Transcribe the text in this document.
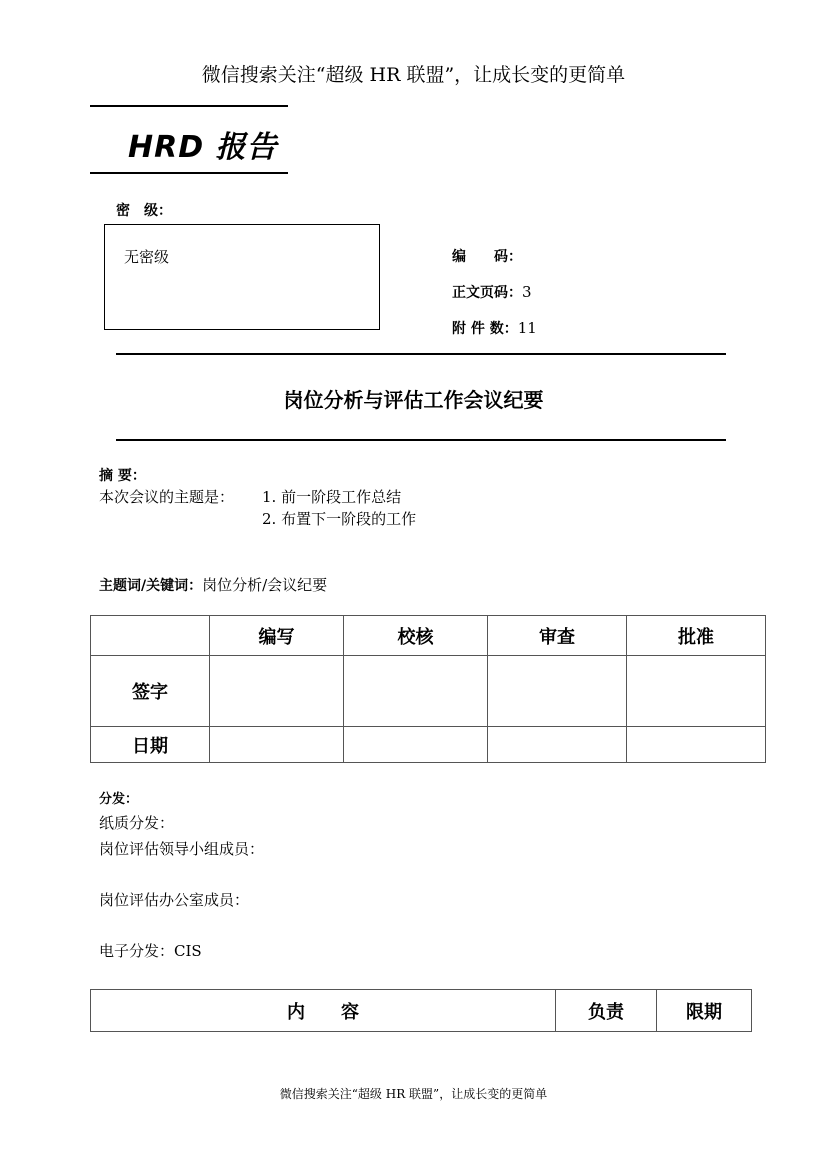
微信搜索关注“超级 HR 联盟”，让成长变的更简单
HRD 报告
密　级：
无密级	编　　码：
正文页码：3
附 件 数：11
岗位分析与评估工作会议纪要
摘 要：
本次会议的主题是： 1. 前一阶段工作总结
2. 布置下一阶段的工作
主题词/关键词：岗位分析/会议纪要
	编写	校核	审查	批准
签字				
日期				
分发：
纸质分发：
岗位评估领导小组成员：
岗位评估办公室成员：
电子分发：CIS
内　　容	负责	限期
微信搜索关注“超级 HR 联盟”，让成长变的更简单
